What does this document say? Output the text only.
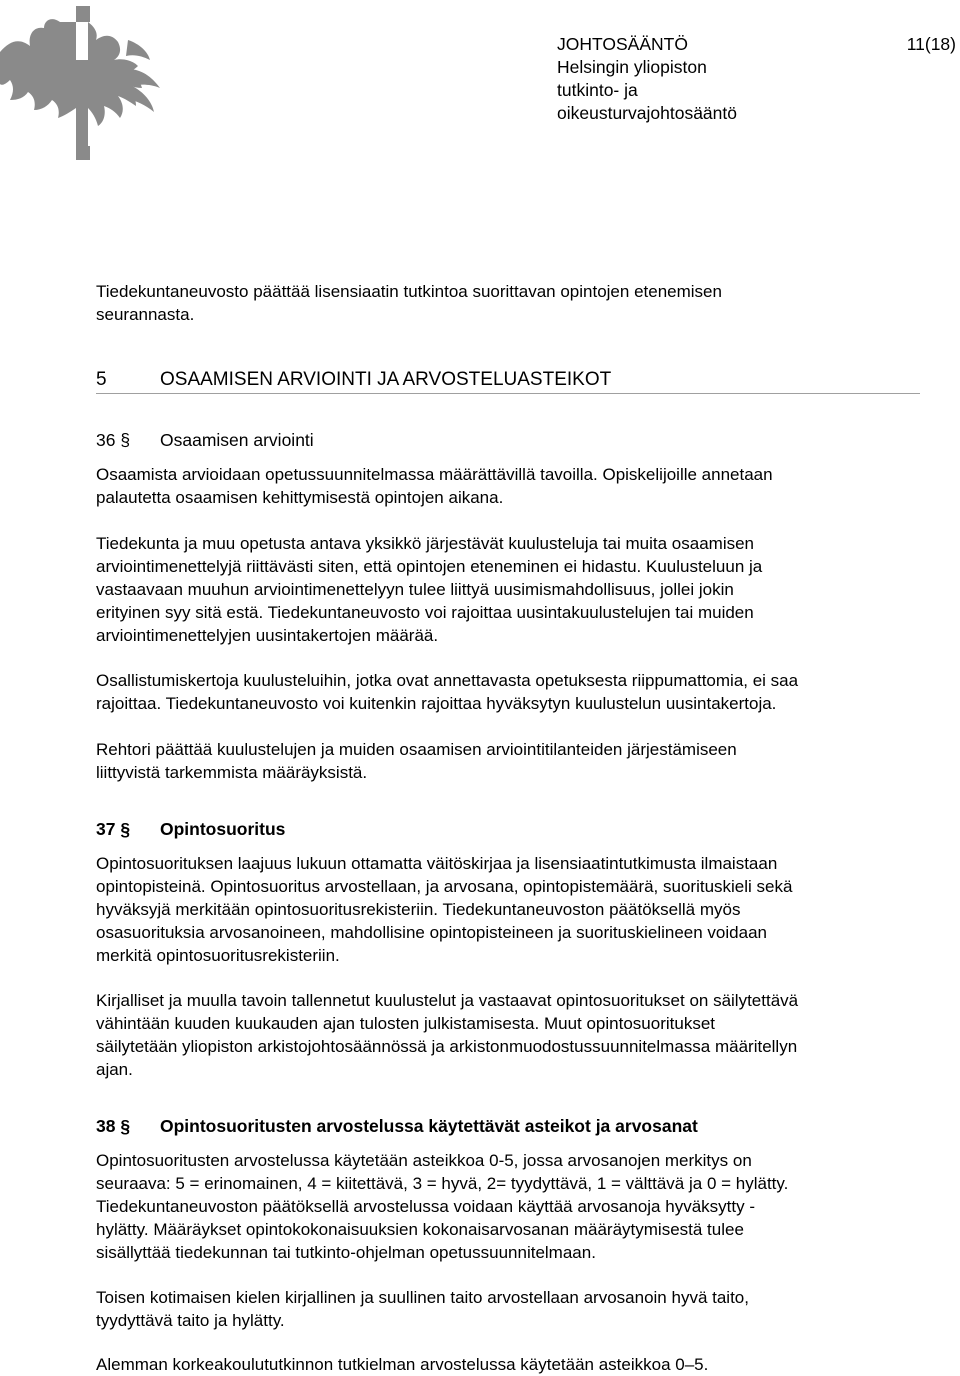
JOHTOSÄÄNTÖ
Helsingin yliopiston
tutkinto- ja
oikeusturvajohtosääntö
11(18)

Tiedekuntaneuvosto päättää lisensiaatin tutkintoa suorittavan opintojen etenemisen

seurannasta.

5	OSAAMISEN ARVIOINTI JA ARVOSTELUASTEIKOT
36 § Osaamisen arviointi

Osaamista arvioidaan opetussuunnitelmassa määrättävillä tavoilla. Opiskelijoille annetaan

palautetta osaamisen kehittymisestä opintojen aikana.

Tiedekunta ja muu opetusta antava yksikkö järjestävät kuulusteluja tai muita osaamisen

arviointimenettelyjä riittävästi siten, että opintojen eteneminen ei hidastu. Kuulusteluun ja

vastaavaan muuhun arviointimenettelyyn tulee liittyä uusimismahdollisuus, jollei jokin

erityinen syy sitä estä. Tiedekuntaneuvosto voi rajoittaa uusintakuulustelujen tai muiden

arviointimenettelyjen uusintakertojen määrää.

Osallistumiskertoja kuulusteluihin, jotka ovat annettavasta opetuksesta riippumattomia, ei saa

rajoittaa. Tiedekuntaneuvosto voi kuitenkin rajoittaa hyväksytyn kuulustelun uusintakertoja.

Rehtori päättää kuulustelujen ja muiden osaamisen arviointitilanteiden järjestämiseen

liittyvistä tarkemmista määräyksistä.

37 § Opintosuoritus

Opintosuorituksen laajuus lukuun ottamatta väitöskirjaa ja lisensiaatintutkimusta ilmaistaan

opintopisteinä. Opintosuoritus arvostellaan, ja arvosana, opintopistemäärä, suorituskieli sekä

hyväksyjä merkitään opintosuoritusrekisteriin. Tiedekuntaneuvoston päätöksellä myös

osasuorituksia arvosanoineen, mahdollisine opintopisteineen ja suorituskielineen voidaan

merkitä opintosuoritusrekisteriin.

Kirjalliset ja muulla tavoin tallennetut kuulustelut ja vastaavat opintosuoritukset on säilytettävä

vähintään kuuden kuukauden ajan tulosten julkistamisesta. Muut opintosuoritukset

säilytetään yliopiston arkistojohtosäännössä ja arkistonmuodostussuunnitelmassa määritellyn

ajan.

38 § Opintosuoritusten arvostelussa käytettävät asteikot ja arvosanat

Opintosuoritusten arvostelussa käytetään asteikkoa 0-5, jossa arvosanojen merkitys on

seuraava: 5 = erinomainen, 4 = kiitettävä, 3 = hyvä, 2= tyydyttävä, 1 = välttävä ja 0 = hylätty.

Tiedekuntaneuvoston päätöksellä arvostelussa voidaan käyttää arvosanoja hyväksytty -

hylätty. Määräykset opintokokonaisuuksien kokonaisarvosanan määräytymisestä tulee

sisällyttää tiedekunnan tai tutkinto-ohjelman opetussuunnitelmaan.

Toisen kotimaisen kielen kirjallinen ja suullinen taito arvostellaan arvosanoin hyvä taito,

tyydyttävä taito ja hylätty.

Alemman korkeakoulututkinnon tutkielman arvostelussa käytetään asteikkoa 0–5.
